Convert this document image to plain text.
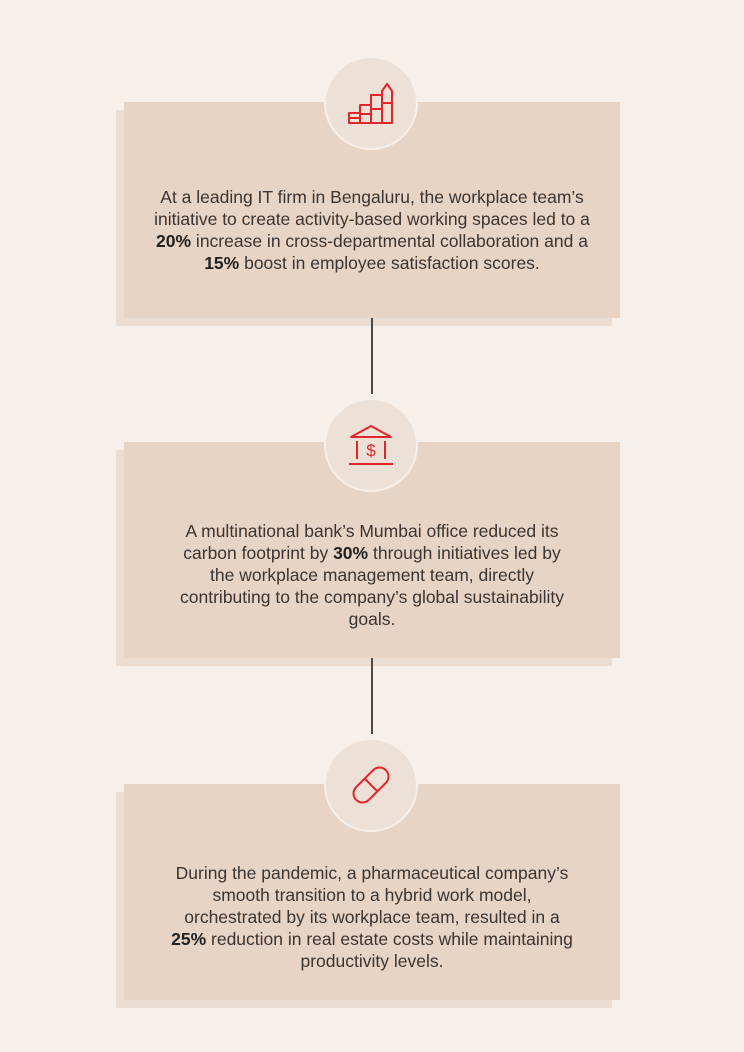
At a leading IT firm in Bengaluru, the workplace team’s initiative to create activity-based working spaces led to a 20% increase in cross-departmental collaboration and a 15% boost in employee satisfaction scores.

A multinational bank’s Mumbai office reduced its carbon footprint by 30% through initiatives led by the workplace management team, directly contributing to the company’s global sustainability goals.

During the pandemic, a pharmaceutical company’s smooth transition to a hybrid work model, orchestrated by its workplace team, resulted in a 25% reduction in real estate costs while maintaining productivity levels.

$
